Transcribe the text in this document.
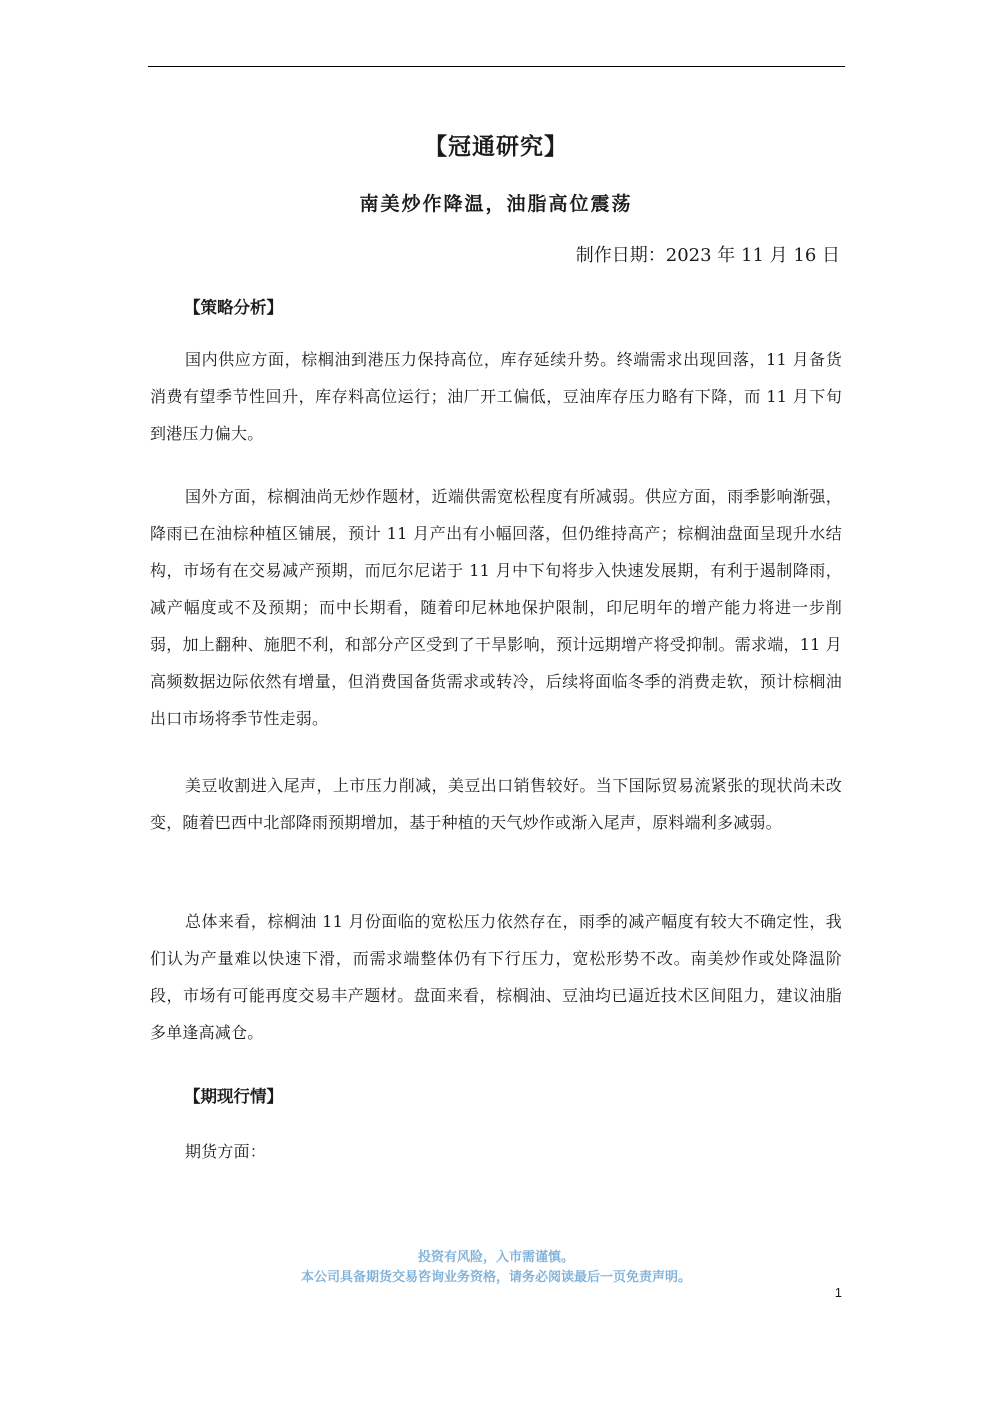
【冠通研究】
南美炒作降温，油脂高位震荡
制作日期：2023 年 11 月 16 日
【策略分析】
国内供应方面，棕榈油到港压力保持高位，库存延续升势。终端需求出现回落，11 月备货消费有望季节性回升，库存料高位运行；油厂开工偏低，豆油库存压力略有下降，而 11 月下旬到港压力偏大。
国外方面，棕榈油尚无炒作题材，近端供需宽松程度有所减弱。供应方面，雨季影响渐强，降雨已在油棕种植区铺展，预计 11 月产出有小幅回落，但仍维持高产；棕榈油盘面呈现升水结构，市场有在交易减产预期，而厄尔尼诺于 11 月中下旬将步入快速发展期，有利于遏制降雨，减产幅度或不及预期；而中长期看，随着印尼林地保护限制，印尼明年的增产能力将进一步削弱，加上翻种、施肥不利，和部分产区受到了干旱影响，预计远期增产将受抑制。需求端，11 月高频数据边际依然有增量，但消费国备货需求或转冷，后续将面临冬季的消费走软，预计棕榈油出口市场将季节性走弱。
美豆收割进入尾声，上市压力削减，美豆出口销售较好。当下国际贸易流紧张的现状尚未改变，随着巴西中北部降雨预期增加，基于种植的天气炒作或渐入尾声，原料端利多减弱。
总体来看，棕榈油 11 月份面临的宽松压力依然存在，雨季的减产幅度有较大不确定性，我们认为产量难以快速下滑，而需求端整体仍有下行压力，宽松形势不改。南美炒作或处降温阶段，市场有可能再度交易丰产题材。盘面来看，棕榈油、豆油均已逼近技术区间阻力，建议油脂多单逢高减仓。
【期现行情】
期货方面：
投资有风险，入市需谨慎。
本公司具备期货交易咨询业务资格，请务必阅读最后一页免责声明。
1
